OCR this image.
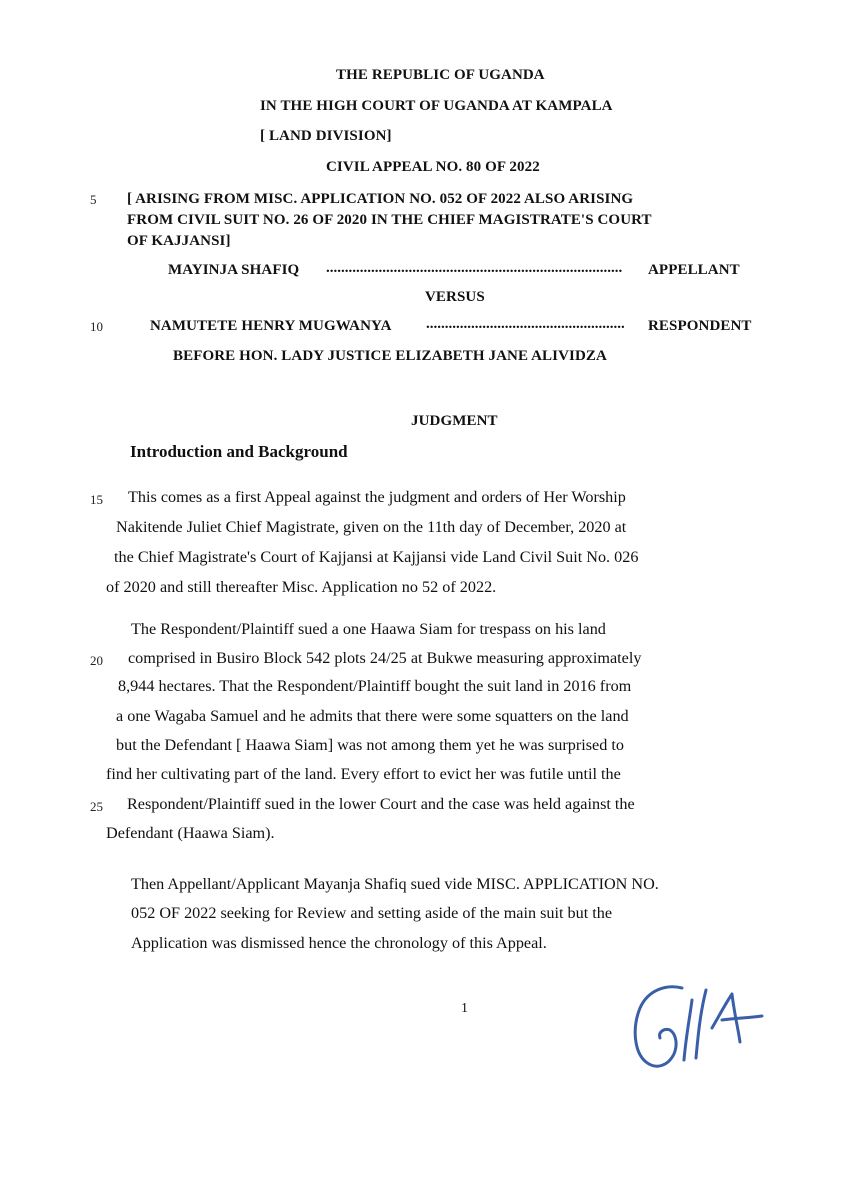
THE REPUBLIC OF UGANDA
IN THE HIGH COURT OF UGANDA AT KAMPALA
[ LAND DIVISION]
CIVIL APPEAL NO. 80 OF 2022
5 [ ARISING FROM MISC. APPLICATION NO. 052 OF 2022 ALSO ARISING
FROM CIVIL SUIT NO. 26 OF 2020 IN THE CHIEF MAGISTRATE'S COURT
OF KAJJANSI]
MAYINJA SHAFIQ ............................................................................... APPELLANT
VERSUS
10	NAMUTETE HENRY MUGWANYA ..................................................... RESPONDENT
BEFORE HON. LADY JUSTICE ELIZABETH JANE ALIVIDZA
JUDGMENT
Introduction and Background
15 This comes as a first Appeal against the judgment and orders of Her Worship
Nakitende Juliet Chief Magistrate, given on the 11th day of December, 2020 at
the Chief Magistrate's Court of Kajjansi at Kajjansi vide Land Civil Suit No. 026
of 2020 and still thereafter Misc. Application no 52 of 2022.
The Respondent/Plaintiff sued a one Haawa Siam for trespass on his land
20 comprised in Busiro Block 542 plots 24/25 at Bukwe measuring approximately
8,944 hectares. That the Respondent/Plaintiff bought the suit land in 2016 from
a one Wagaba Samuel and he admits that there were some squatters on the land
but the Defendant [ Haawa Siam] was not among them yet he was surprised to
find her cultivating part of the land. Every effort to evict her was futile until the
25 Respondent/Plaintiff sued in the lower Court and the case was held against the
Defendant (Haawa Siam).
Then Appellant/Applicant Mayanja Shafiq sued vide MISC. APPLICATION NO.
052 OF 2022 seeking for Review and setting aside of the main suit but the
Application was dismissed hence the chronology of this Appeal.
1
